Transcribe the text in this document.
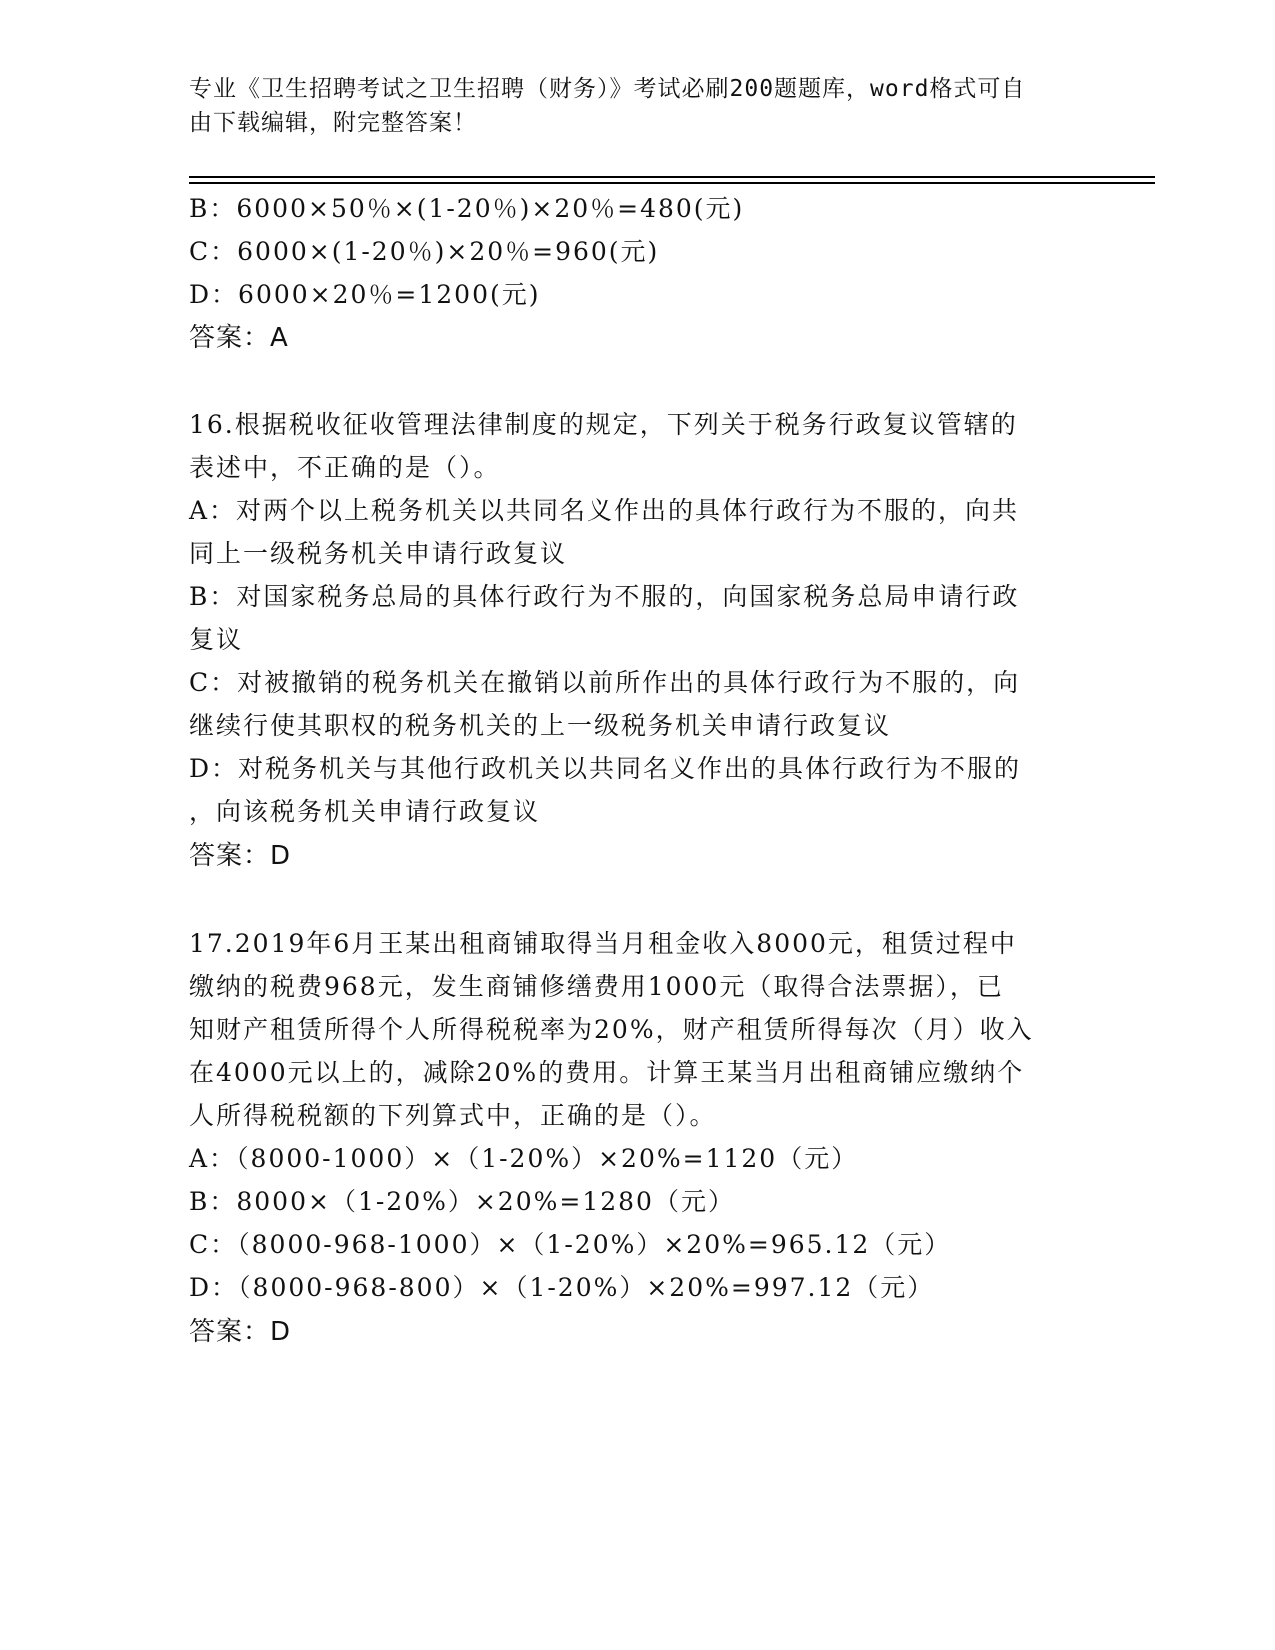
专业《卫生招聘考试之卫生招聘（财务）》考试必刷200题题库，word格式可自
由下载编辑，附完整答案！
B：6000×50％×(1-20％)×20％=480(元)
C：6000×(1-20％)×20％=960(元)
D：6000×20％=1200(元)
答案：A
16.根据税收征收管理法律制度的规定，下列关于税务行政复议管辖的
表述中，不正确的是（）。
A：对两个以上税务机关以共同名义作出的具体行政行为不服的，向共
同上一级税务机关申请行政复议
B：对国家税务总局的具体行政行为不服的，向国家税务总局申请行政
复议
C：对被撤销的税务机关在撤销以前所作出的具体行政行为不服的，向
继续行使其职权的税务机关的上一级税务机关申请行政复议
D：对税务机关与其他行政机关以共同名义作出的具体行政行为不服的
，向该税务机关申请行政复议
答案：D
17.2019年6月王某出租商铺取得当月租金收入8000元，租赁过程中
缴纳的税费968元，发生商铺修缮费用1000元（取得合法票据），已
知财产租赁所得个人所得税税率为20%，财产租赁所得每次（月）收入
在4000元以上的，减除20%的费用。计算王某当月出租商铺应缴纳个
人所得税税额的下列算式中，正确的是（）。
A：（8000-1000）×（1-20%）×20%=1120（元）
B：8000×（1-20%）×20%=1280（元）
C：（8000-968-1000）×（1-20%）×20%=965.12（元）
D：（8000-968-800）×（1-20%）×20%=997.12（元）
答案：D
